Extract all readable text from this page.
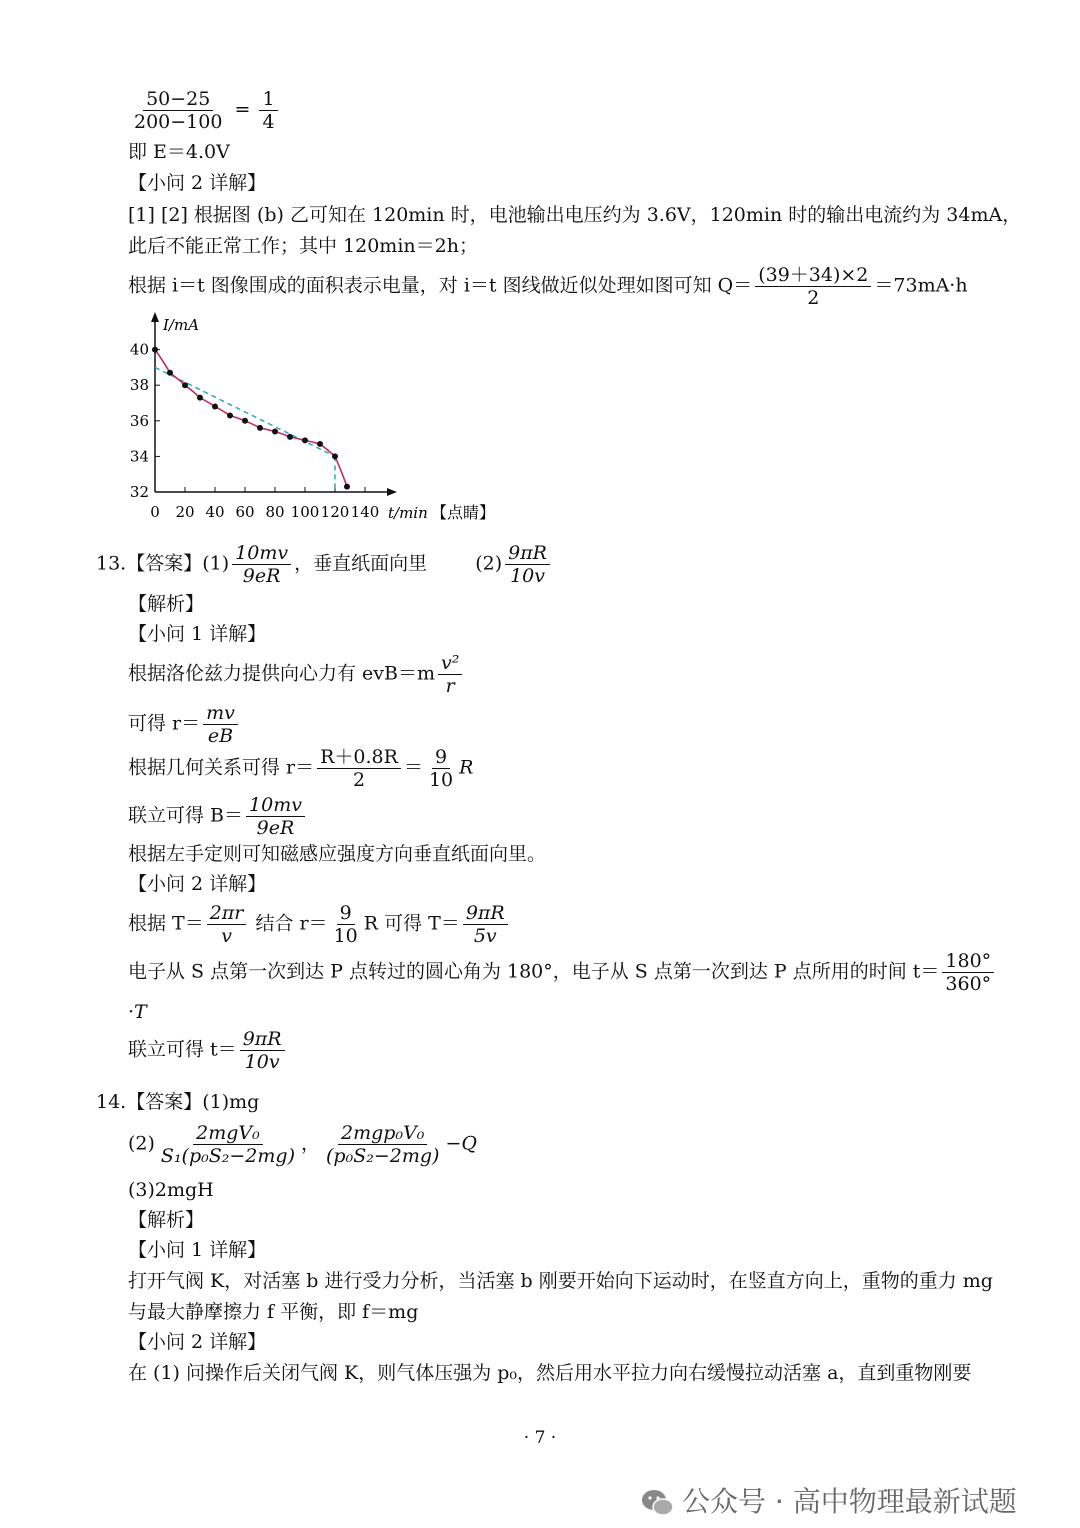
$\frac{50-25}{200-100} = \frac{1}{4}$
即 E＝4.0V
【小问 2 详解】
[1] [2] 根据图 (b) 乙可知在 120min 时，电池输出电压约为 3.6V，120min 时的输出电流约为 34mA，
此后不能正常工作；其中 120min＝2h；
根据 i＝t 图像围成的面积表示电量，对 i＝t 图线做近似处理如图可知 $Q= \frac{(39+34)\times 2}{2} =73mA\cdot h$
32
34
36
38
40
0 20 40 60 80 100 120 140
I/mA
t/min 【点睛】
13.【答案】$(1) \frac{10mv}{9eR}$ ，垂直纸面向里	$(2) \frac{9\pi R}{10v}$
【解析】
【小问 1 详解】
根据洛伦兹力提供向心力有 $evB=m \frac{\text{v²}}{r}$
可得 $r= \frac{mv}{eB}$
根据几何关系可得 $r= \frac{R+0.8R}{2} = \frac{9}{10}$ R
联立可得 $B= \frac{10mv}{9eR}$
根据左手定则可知磁感应强度方向垂直纸面向里。
【小问 2 详解】
根据 $T= \frac{2\pi r}{v}$ 结合 $r= \frac{9}{10}$ R 可得 $T= \frac{9\pi R}{5v}$
电子从 S 点第一次到达 P 点转过的圆心角为 180°，电子从 S 点第一次到达 P 点所用的时间 $t= \frac{180^\circ}{360^\circ}$
·T
联立可得 $t= \frac{9\pi R}{10v}$
14.【答案】(1)mg
$(2) \frac{\text{2mgV₀}}{\text{S₁(p₀S₂−2mg)}}$ ， $\frac{\text{2mgp₀V₀}}{\text{(p₀S₂−2mg)}} -Q$
(3)2mgH
【解析】
【小问 1 详解】
打开气阀 K，对活塞 b 进行受力分析，当活塞 b 刚要开始向下运动时，在竖直方向上，重物的重力 mg
与最大静摩擦力 f 平衡，即 f＝mg
【小问 2 详解】
在 (1) 问操作后关闭气阀 K，则气体压强为 p₀，然后用水平拉力向右缓慢拉动活塞 a，直到重物刚要
· 7 ·
公众号 · 高中物理最新试题
